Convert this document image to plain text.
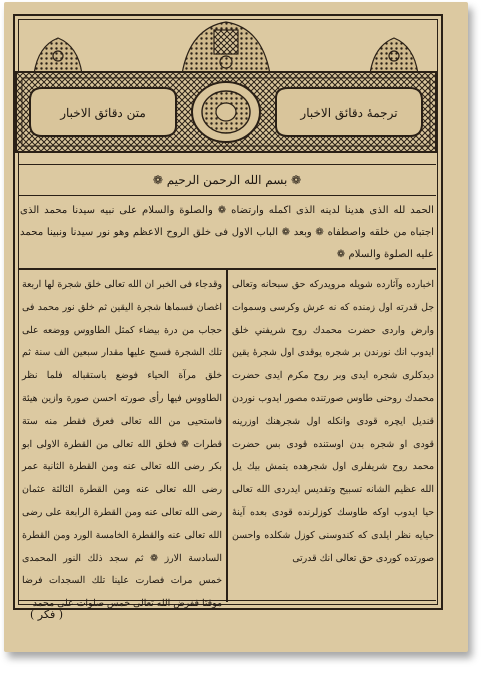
ترجمهٔ دقائق الاخبار
متن دقائق الاخبار
❁ بسم الله الرحمن الرحيم ❁
الحمد لله الذى هدينا لدينه الذى اكمله وارتضاه ❁ والصلوة والسلام على نبيه سيدنا محمد الذى اجتباه من خلقه واصطفاه ❁ وبعد ❁ الباب الاول فى خلق الروح الاعظم وهو نور سيدنا ونبينا محمد عليه الصلوة والسلام ❁
اخبارده وآثارده شويله مرويدركه حق سبحانه وتعالى جل قدرته اول زمنده كه نه عرش وكرسى وسموات وارض واردى حضرت محمدك روح شريفني خلق ايدوب انك نورندن بر شجره يوقدى اول شجرهٔ يقين ديدكلرى شجره ايدى وبر روح مكرم ايدى حضرت محمدك روحنى طاوس صورتنده مصور ايدوب نوردن قنديل ايچره قودى وانكله اول شجرهنك اوزرينه قودى او شجره بدن اوستنده قودى بس حضرت محمد روح شريفلرى اول شجرهده يتمش بيك يل الله عظيم الشانه تسبيح وتقديس ايدردى الله تعالى حيا ايدوب اوكه طاوسك كوزلرنده قودى بعده آينهٔ حيايه نظر ايلدى كه كندوسنى كوزل شكلده واحسن صورتده كوردى حق تعالى انك قدرتى
وقدجاء فى الخبر ان الله تعالى خلق شجرة لها اربعة اغصان فسماها شجرة اليقين ثم خلق نور محمد فى حجاب من درة بيضاء كمثل الطاووس ووضعه على تلك الشجرة فسبح عليها مقدار سبعين الف سنة ثم خلق مرآة الحياء فوضع باستقباله فلما نظر الطاووس فيها رأى صورته احسن صورة وازين هيئة فاستحيى من الله تعالى فعرق فقطر منه ستة قطرات ❁ فخلق الله تعالى من القطرة الاولى ابو بكر رضى الله تعالى عنه ومن القطرة الثانية عمر رضى الله تعالى عنه ومن القطرة الثالثة عثمان رضى الله تعالى عنه ومن القطرة الرابعة على رضى الله تعالى عنه والقطرة الخامسة الورد ومن القطرة السادسة الارز ❁ ثم سجد ذلك النور المحمدى خمس مرات فصارت علينا تلك السجدات فرضا موقتا ففرض الله تعالى خمس صلوات على محمد
( فكر )
